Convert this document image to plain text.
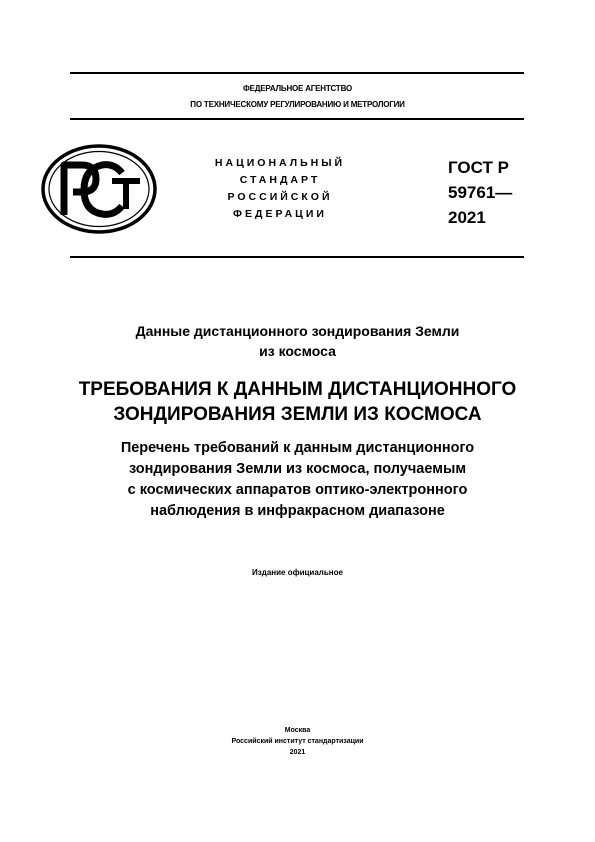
ФЕДЕРАЛЬНОЕ АГЕНТСТВО
ПО ТЕХНИЧЕСКОМУ РЕГУЛИРОВАНИЮ И МЕТРОЛОГИИ
НАЦИОНАЛЬНЫЙ
СТАНДАРТ
РОССИЙСКОЙ
ФЕДЕРАЦИИ
ГОСТ Р
59761—
2021
Данные дистанционного зондирования Земли
из космоса
ТРЕБОВАНИЯ К ДАННЫМ ДИСТАНЦИОННОГО
ЗОНДИРОВАНИЯ ЗЕМЛИ ИЗ КОСМОСА
Перечень требований к данным дистанционного
зондирования Земли из космоса, получаемым
с космических аппаратов оптико-электронного
наблюдения в инфракрасном диапазоне
Издание официальное
Москва
Российский институт стандартизации
2021
